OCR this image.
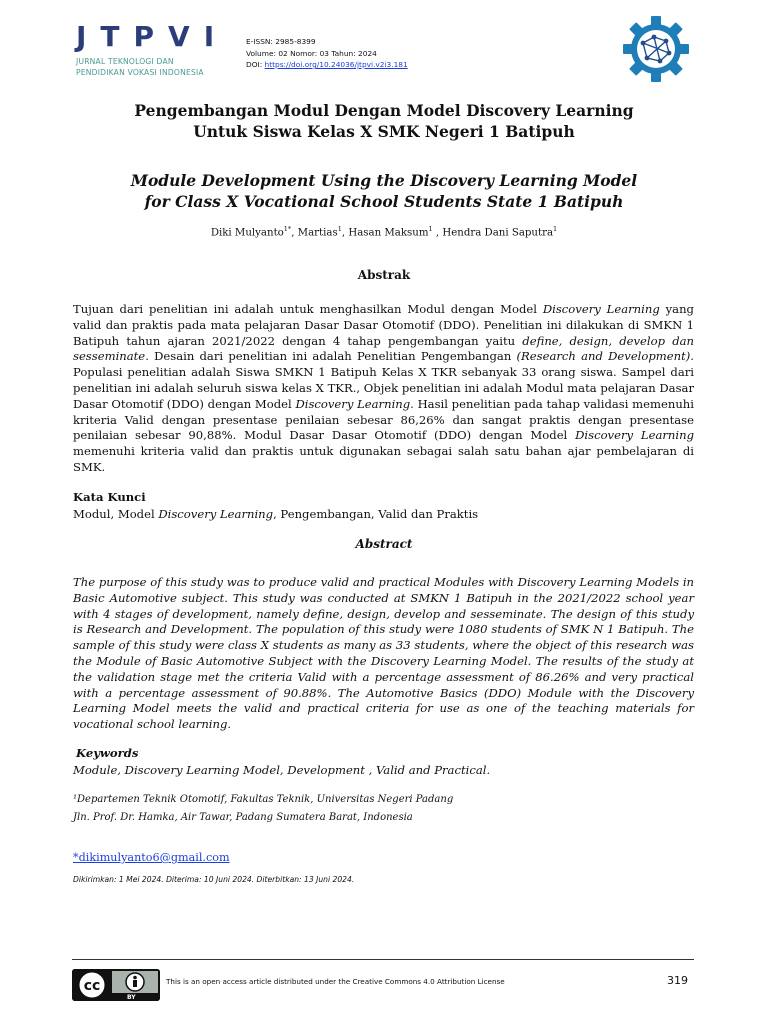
JTPVI
JURNAL TEKNOLOGI DAN
PENDIDIKAN VOKASI INDONESIA
E-ISSN: 2985-8399
Volume: 02 Nomor: 03 Tahun: 2024
DOI: https://doi.org/10.24036/jtpvi.v2i3.181
Pengembangan Modul Dengan Model Discovery Learning
Untuk Siswa Kelas X SMK Negeri 1 Batipuh
Module Development Using the Discovery Learning Model
for Class X Vocational School Students State 1 Batipuh
Diki Mulyanto$^{1*}$, Martias$^1$, Hasan Maksum$^1$ , Hendra Dani Saputra$^1$
Abstrak
Tujuan dari penelitian ini adalah untuk menghasilkan Modul dengan Model Discovery Learning yang valid dan praktis pada mata pelajaran Dasar Dasar Otomotif (DDO). Penelitian ini dilakukan di SMKN 1 Batipuh tahun ajaran 2021/2022 dengan 4 tahap pengembangan yaitu define, design, develop dan sesseminate. Desain dari penelitian ini adalah Penelitian Pengembangan (Research and Development). Populasi penelitian adalah Siswa SMKN 1 Batipuh Kelas X TKR sebanyak 33 orang siswa. Sampel dari penelitian ini adalah seluruh siswa kelas X TKR., Objek penelitian ini adalah Modul mata pelajaran Dasar Dasar Otomotif (DDO) dengan Model Discovery Learning. Hasil penelitian pada tahap validasi memenuhi kriteria Valid dengan presentase penilaian sebesar 86,26% dan sangat praktis dengan presentase penilaian sebesar 90,88%. Modul Dasar Dasar Otomotif (DDO) dengan Model Discovery Learning memenuhi kriteria valid dan praktis untuk digunakan sebagai salah satu bahan ajar pembelajaran di SMK.
Kata Kunci
Modul, Model Discovery Learning, Pengembangan, Valid dan Praktis
Abstract
The purpose of this study was to produce valid and practical Modules with Discovery Learning Models in Basic Automotive subject. This study was conducted at SMKN 1 Batipuh in the 2021/2022 school year with 4 stages of development, namely define, design, develop and sesseminate. The design of this study is Research and Development. The population of this study were 1080 students of SMK N 1 Batipuh. The sample of this study were class X students as many as 33 students, where the object of this research was the Module of Basic Automotive Subject with the Discovery Learning Model. The results of the study at the validation stage met the criteria Valid with a percentage assessment of 86.26% and very practical with a percentage assessment of 90.88%. The Automotive Basics (DDO) Module with the Discovery Learning Model meets the valid and practical criteria for use as one of the teaching materials for vocational school learning.
Keywords
Module, Discovery Learning Model, Development , Valid and Practical.
¹Departemen Teknik Otomotif, Fakultas Teknik, Universitas Negeri Padang
Jln. Prof. Dr. Hamka, Air Tawar, Padang Sumatera Barat, Indonesia
*dikimulyanto6@gmail.com
Dikirimkan: 1 Mei 2024. Diterima: 10 Juni 2024. Diterbitkan: 13 Juni 2024.
cc
BY
This is an open access article distributed under the Creative Commons 4.0 Attribution License	319
